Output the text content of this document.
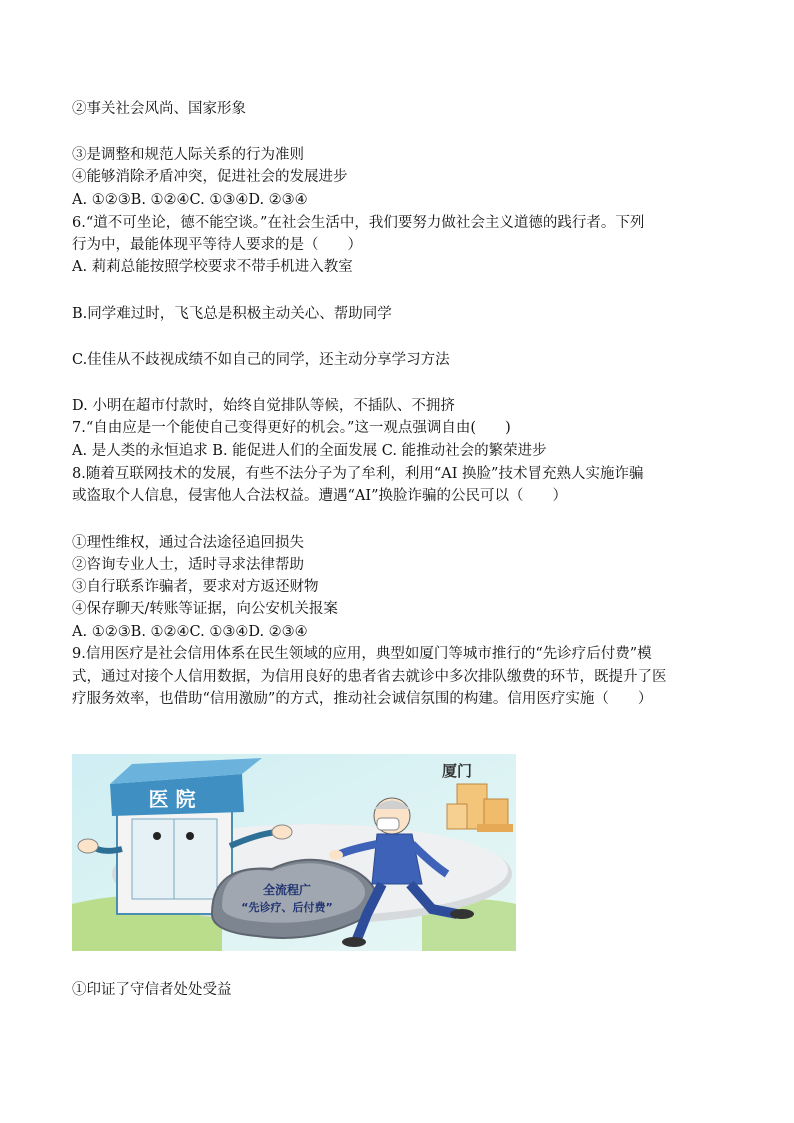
②事关社会风尚、国家形象
③是调整和规范人际关系的行为准则
④能够消除矛盾冲突，促进社会的发展进步
A. ①②③B. ①②④C. ①③④D. ②③④
6.“道不可坐论，德不能空谈。”在社会生活中，我们要努力做社会主义道德的践行者。下列
行为中，最能体现平等待人要求的是（　　）
A. 莉莉总能按照学校要求不带手机进入教室
B.同学难过时，飞飞总是积极主动关心、帮助同学
C.佳佳从不歧视成绩不如自己的同学，还主动分享学习方法
D. 小明在超市付款时，始终自觉排队等候，不插队、不拥挤
7.“自由应是一个能使自己变得更好的机会。”这一观点强调自由(　　)
A. 是人类的永恒追求 B. 能促进人们的全面发展 C. 能推动社会的繁荣进步
8.随着互联网技术的发展，有些不法分子为了牟利，利用“AI 换脸”技术冒充熟人实施诈骗
或盗取个人信息，侵害他人合法权益。遭遇“AI”换脸诈骗的公民可以（　　）
①理性维权，通过合法途径追回损失
②咨询专业人士，适时寻求法律帮助
③自行联系诈骗者，要求对方返还财物
④保存聊天/转账等证据，向公安机关报案
A. ①②③B. ①②④C. ①③④D. ②③④
9.信用医疗是社会信用体系在民生领域的应用，典型如厦门等城市推行的“先诊疗后付费”模
式，通过对接个人信用数据，为信用良好的患者省去就诊中多次排队缴费的环节，既提升了医
疗服务效率，也借助“信用激励”的方式，推动社会诚信氛围的构建。信用医疗实施（　　）
医 院
厦门
全流程广
“先诊疗、后付费”
①印证了守信者处处受益
